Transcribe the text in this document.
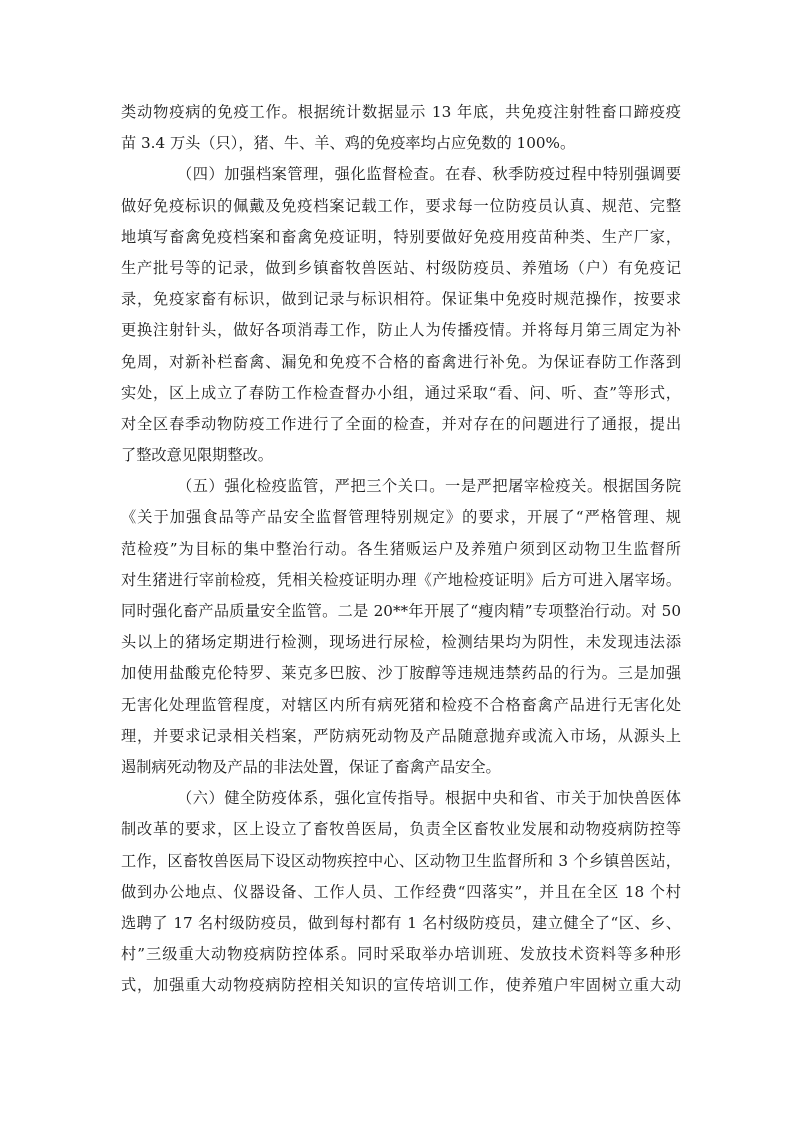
类动物疫病的免疫工作。根据统计数据显示 13 年底，共免疫注射牲畜口蹄疫疫
苗 3.4 万头（只），猪、牛、羊、鸡的免疫率均占应免数的 100%。
（四）加强档案管理，强化监督检查。在春、秋季防疫过程中特别强调要
做好免疫标识的佩戴及免疫档案记载工作，要求每一位防疫员认真、规范、完整
地填写畜禽免疫档案和畜禽免疫证明，特别要做好免疫用疫苗种类、生产厂家，
生产批号等的记录，做到乡镇畜牧兽医站、村级防疫员、养殖场（户）有免疫记
录，免疫家畜有标识，做到记录与标识相符。保证集中免疫时规范操作，按要求
更换注射针头，做好各项消毒工作，防止人为传播疫情。并将每月第三周定为补
免周，对新补栏畜禽、漏免和免疫不合格的畜禽进行补免。为保证春防工作落到
实处，区上成立了春防工作检查督办小组，通过采取“看、问、听、查”等形式，
对全区春季动物防疫工作进行了全面的检查，并对存在的问题进行了通报，提出
了整改意见限期整改。
（五）强化检疫监管，严把三个关口。一是严把屠宰检疫关。根据国务院
《关于加强食品等产品安全监督管理特别规定》的要求，开展了“严格管理、规
范检疫”为目标的集中整治行动。各生猪贩运户及养殖户须到区动物卫生监督所
对生猪进行宰前检疫，凭相关检疫证明办理《产地检疫证明》后方可进入屠宰场。
同时强化畜产品质量安全监管。二是 20**年开展了“瘦肉精”专项整治行动。对 50
头以上的猪场定期进行检测，现场进行尿检，检测结果均为阴性，未发现违法添
加使用盐酸克伦特罗、莱克多巴胺、沙丁胺醇等违规违禁药品的行为。三是加强
无害化处理监管程度，对辖区内所有病死猪和检疫不合格畜禽产品进行无害化处
理，并要求记录相关档案，严防病死动物及产品随意抛弃或流入市场，从源头上
遏制病死动物及产品的非法处置，保证了畜禽产品安全。
（六）健全防疫体系，强化宣传指导。根据中央和省、市关于加快兽医体
制改革的要求，区上设立了畜牧兽医局，负责全区畜牧业发展和动物疫病防控等
工作，区畜牧兽医局下设区动物疾控中心、区动物卫生监督所和 3 个乡镇兽医站，
做到办公地点、仪器设备、工作人员、工作经费“四落实”，并且在全区 18 个村
选聘了 17 名村级防疫员，做到每村都有 1 名村级防疫员，建立健全了“区、乡、
村”三级重大动物疫病防控体系。同时采取举办培训班、发放技术资料等多种形
式，加强重大动物疫病防控相关知识的宣传培训工作，使养殖户牢固树立重大动
